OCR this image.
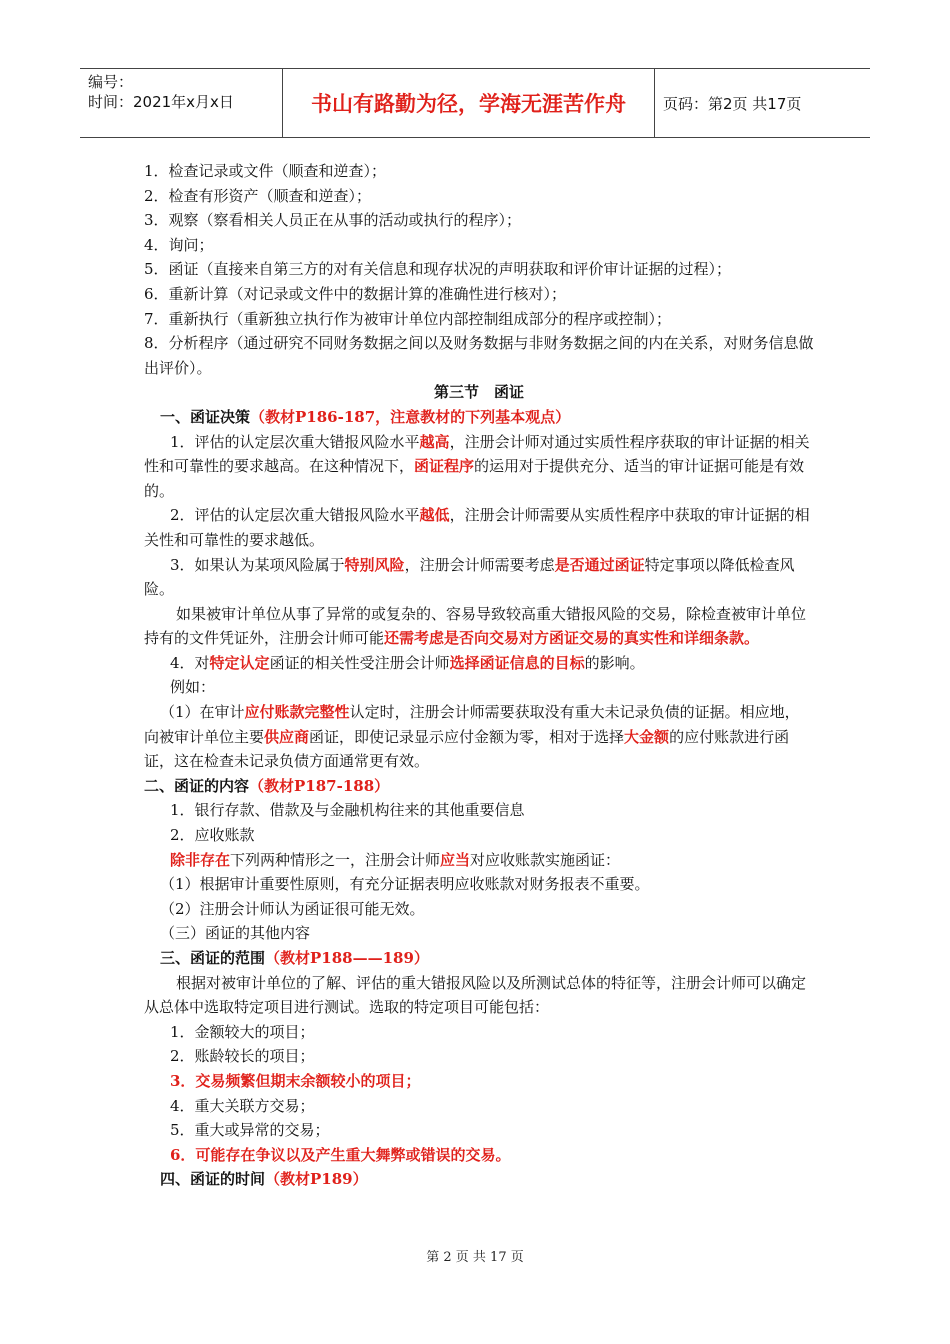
编号：
时间：2021年x月x日	书山有路勤为径，学海无涯苦作舟	页码：第2页 共17页

1．检查记录或文件（顺查和逆查）；

2．检查有形资产（顺查和逆查）；

3．观察（察看相关人员正在从事的活动或执行的程序）；

4．询问；

5．函证（直接来自第三方的对有关信息和现存状况的声明获取和评价审计证据的过程）；

6．重新计算（对记录或文件中的数据计算的准确性进行核对）；

7．重新执行（重新独立执行作为被审计单位内部控制组成部分的程序或控制）；

8．分析程序（通过研究不同财务数据之间以及财务数据与非财务数据之间的内在关系，对财务信息做出评价）。

第三节　函证

一、函证决策（教材P186-187，注意教材的下列基本观点）

1．评估的认定层次重大错报风险水平越高，注册会计师对通过实质性程序获取的审计证据的相关性和可靠性的要求越高。在这种情况下，函证程序的运用对于提供充分、适当的审计证据可能是有效的。

2．评估的认定层次重大错报风险水平越低，注册会计师需要从实质性程序中获取的审计证据的相关性和可靠性的要求越低。

3．如果认为某项风险属于特别风险，注册会计师需要考虑是否通过函证特定事项以降低检查风险。

如果被审计单位从事了异常的或复杂的、容易导致较高重大错报风险的交易，除检查被审计单位持有的文件凭证外，注册会计师可能还需考虑是否向交易对方函证交易的真实性和详细条款。

4．对特定认定函证的相关性受注册会计师选择函证信息的目标的影响。

例如：

（1）在审计应付账款完整性认定时，注册会计师需要获取没有重大未记录负债的证据。相应地，向被审计单位主要供应商函证，即使记录显示应付金额为零，相对于选择大金额的应付账款进行函证，这在检查未记录负债方面通常更有效。

二、函证的内容（教材P187-188）

1．银行存款、借款及与金融机构往来的其他重要信息

2．应收账款

除非存在下列两种情形之一，注册会计师应当对应收账款实施函证：

（1）根据审计重要性原则，有充分证据表明应收账款对财务报表不重要。

（2）注册会计师认为函证很可能无效。

（三）函证的其他内容

三、函证的范围（教材P188——189）

根据对被审计单位的了解、评估的重大错报风险以及所测试总体的特征等，注册会计师可以确定从总体中选取特定项目进行测试。选取的特定项目可能包括：

1．金额较大的项目；

2．账龄较长的项目；

3．交易频繁但期末余额较小的项目；

4．重大关联方交易；

5．重大或异常的交易；

6．可能存在争议以及产生重大舞弊或错误的交易。

四、函证的时间（教材P189）

第 2 页 共 17 页
